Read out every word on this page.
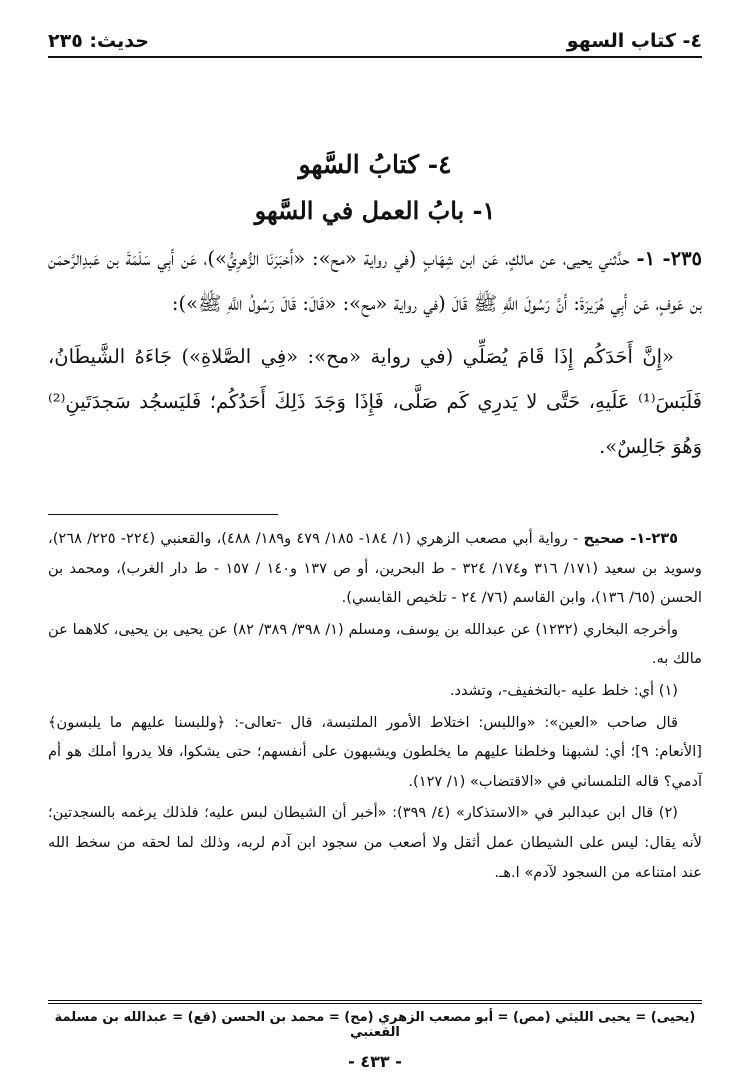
٤- كتاب السهو
حديث: ٢٣٥
٤- كتابُ السَّهو
١- بابُ العمل في السَّهو

٢٣٥- ١- حدَّثني يحيى، عن مالكٍ، عَن ابن شِهَابٍ (في رواية «مح»: «أَخبَرَنَا الزُّهرِيُّ»)، عَن أَبِي سَلَمَةَ بن عَبدِالرَّحمَن بن عَوفٍ، عَن أَبِي هُرَيرَةَ: أَنَّ رَسُولَ اللَّهِ ﷺ قَالَ (في رواية «مح»: «قَالَ: قَالَ رَسُولُ اللَّهِ ﷺ»):

«إِنَّ أَحَدَكُم إِذَا قَامَ يُصَلِّي (في رواية «مح»: «فِي الصَّلاةِ») جَاءَهُ الشَّيطَانُ، فَلَبَسَ⁽¹⁾ عَلَيهِ، حَتَّى لا يَدرِي كَم صَلَّى، فَإِذَا وَجَدَ ذَلِكَ أَحَدُكُم؛ فَليَسجُد سَجدَتَينِ⁽²⁾ وَهُوَ جَالِسٌ».

٢٣٥-١- صحيح - رواية أبي مصعب الزهري (١/ ١٨٤- ١٨٥/ ٤٧٩ و١٨٩/ ٤٨٨)، والقعنبي (٢٢٤- ٢٢٥/ ٢٦٨)، وسويد بن سعيد (١٧١/ ٣١٦ و١٧٤/ ٣٢٤ - ط البحرين، أو ص ١٣٧ و١٤٠ / ١٥٧ - ط دار الغرب)، ومحمد بن الحسن (٦٥/ ١٣٦)، وابن القاسم (٧٦/ ٢٤ - تلخيص القابسي).

وأخرجه البخاري (١٢٣٢) عن عبدالله بن يوسف، ومسلم (١/ ٣٩٨/ ٣٨٩/ ٨٢) عن يحيى بن يحيى، كلاهما عن مالك به.

(١) أي: خلط عليه -بالتخفيف-، وتشدد.

قال صاحب «العين»: «واللبس: اختلاط الأمور الملتبسة، قال -تعالى-: ﴿وللبسنا عليهم ما يلبسون﴾ [الأنعام: ٩]؛ أي: لشبهنا وخلطنا عليهم ما يخلطون ويشبهون على أنفسهم؛ حتى يشكوا، فلا يدروا أملك هو أم آدمي؟ قاله التلمساني في «الاقتضاب» (١/ ١٢٧).

(٢) قال ابن عبدالبر في «الاستذكار» (٤/ ٣٩٩): «أخبر أن الشيطان لبس عليه؛ فلذلك يرغمه بالسجدتين؛ لأنه يقال: ليس على الشيطان عمل أثقل ولا أصعب من سجود ابن آدم لربه، وذلك لما لحقه من سخط الله عند امتناعه من السجود لآدم» ا.هـ.

(يحيى) = يحيى الليثي (مص) = أبو مصعب الزهري (مح) = محمد بن الحسن (قع) = عبدالله بن مسلمة القعنبي
- ٤٣٣ -
